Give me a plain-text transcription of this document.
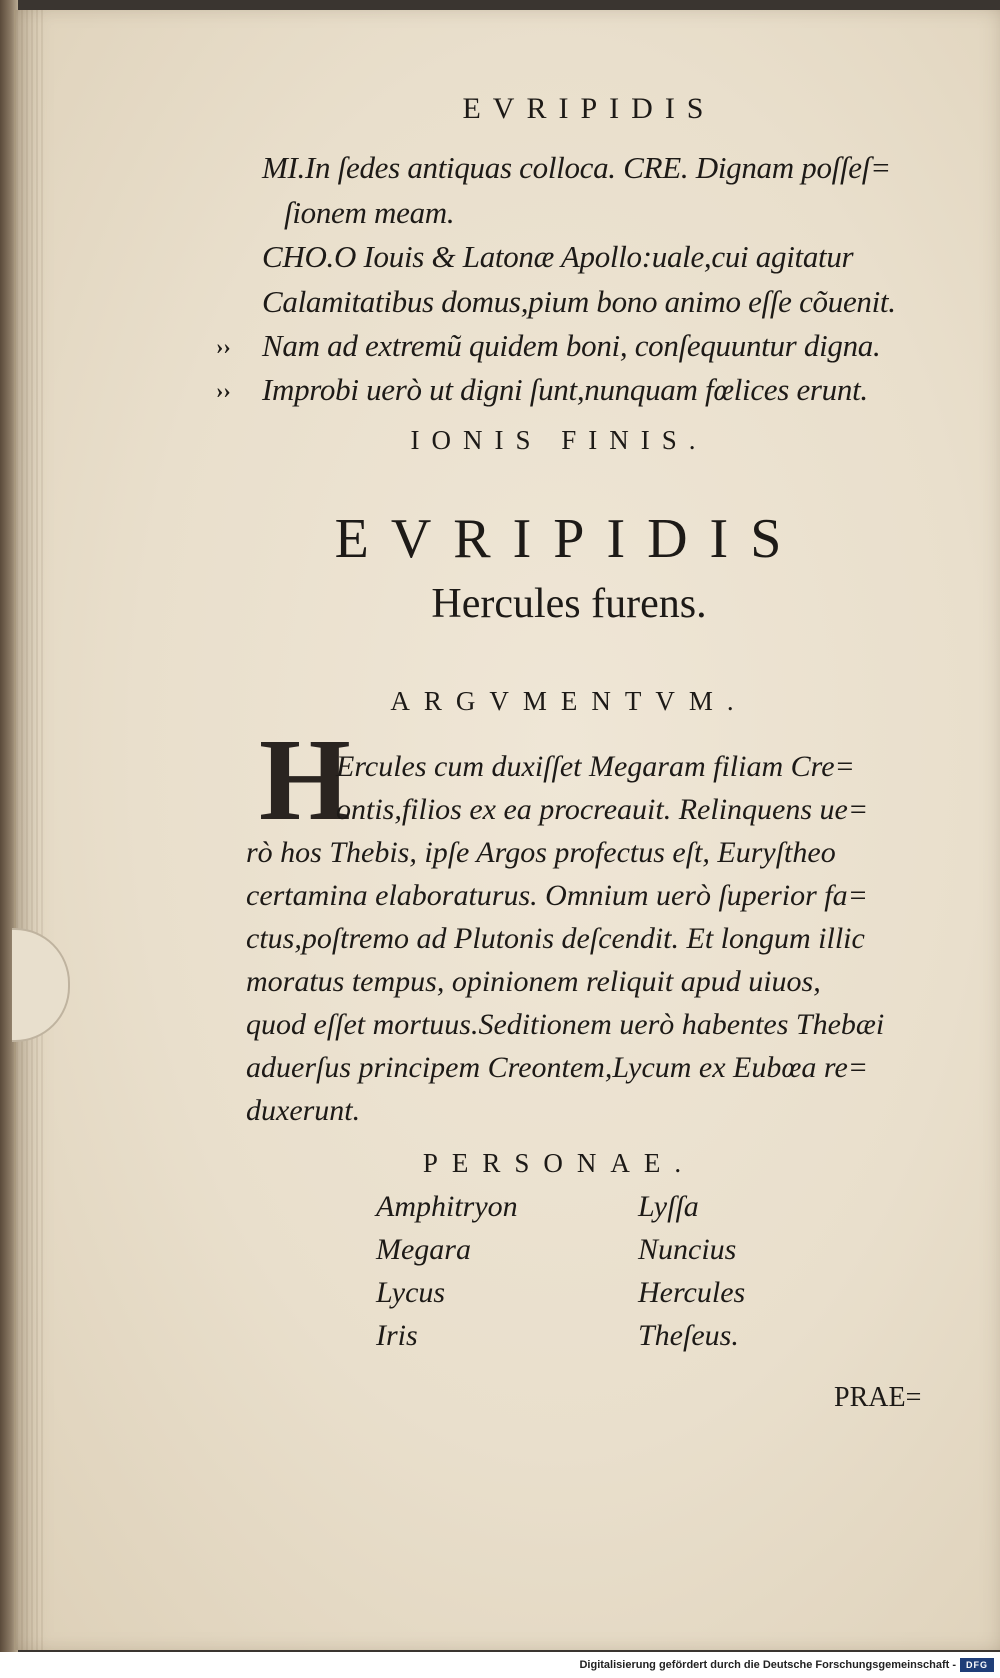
EVRIPIDIS
MI.In ſedes antiquas colloca. CRE. Dignam poſſeſ=
ſionem meam.
CHO.O Iouis & Latonæ Apollo:uale,cui agitatur
Calamitatibus domus,pium bono animo eſſe cõuenit.
›› Nam ad extremũ quidem boni, conſequuntur digna.
›› Improbi uerò ut digni ſunt,nunquam fœlices erunt.
IONIS FINIS.
EVRIPIDIS
Hercules furens.
ARGVMENTVM.
H
Ercules cum duxiſſet Megaram filiam Cre=
ontis,filios ex ea procreauit. Relinquens ue=
rò hos Thebis, ipſe Argos profectus eſt, Euryſtheo
certamina elaboraturus. Omnium uerò ſuperior fa=
ctus,poſtremo ad Plutonis deſcendit. Et longum illic
moratus tempus, opinionem reliquit apud uiuos,
quod eſſet mortuus.Seditionem uerò habentes Thebæi
aduerſus principem Creontem,Lycum ex Eubœa re=
duxerunt.
PERSONAE.
Amphitryon
Megara
Lycus
Iris
Lyſſa
Nuncius
Hercules
Theſeus.
PRAE=
Digitalisierung gefördert durch die Deutsche Forschungsgemeinschaft -	DFG
